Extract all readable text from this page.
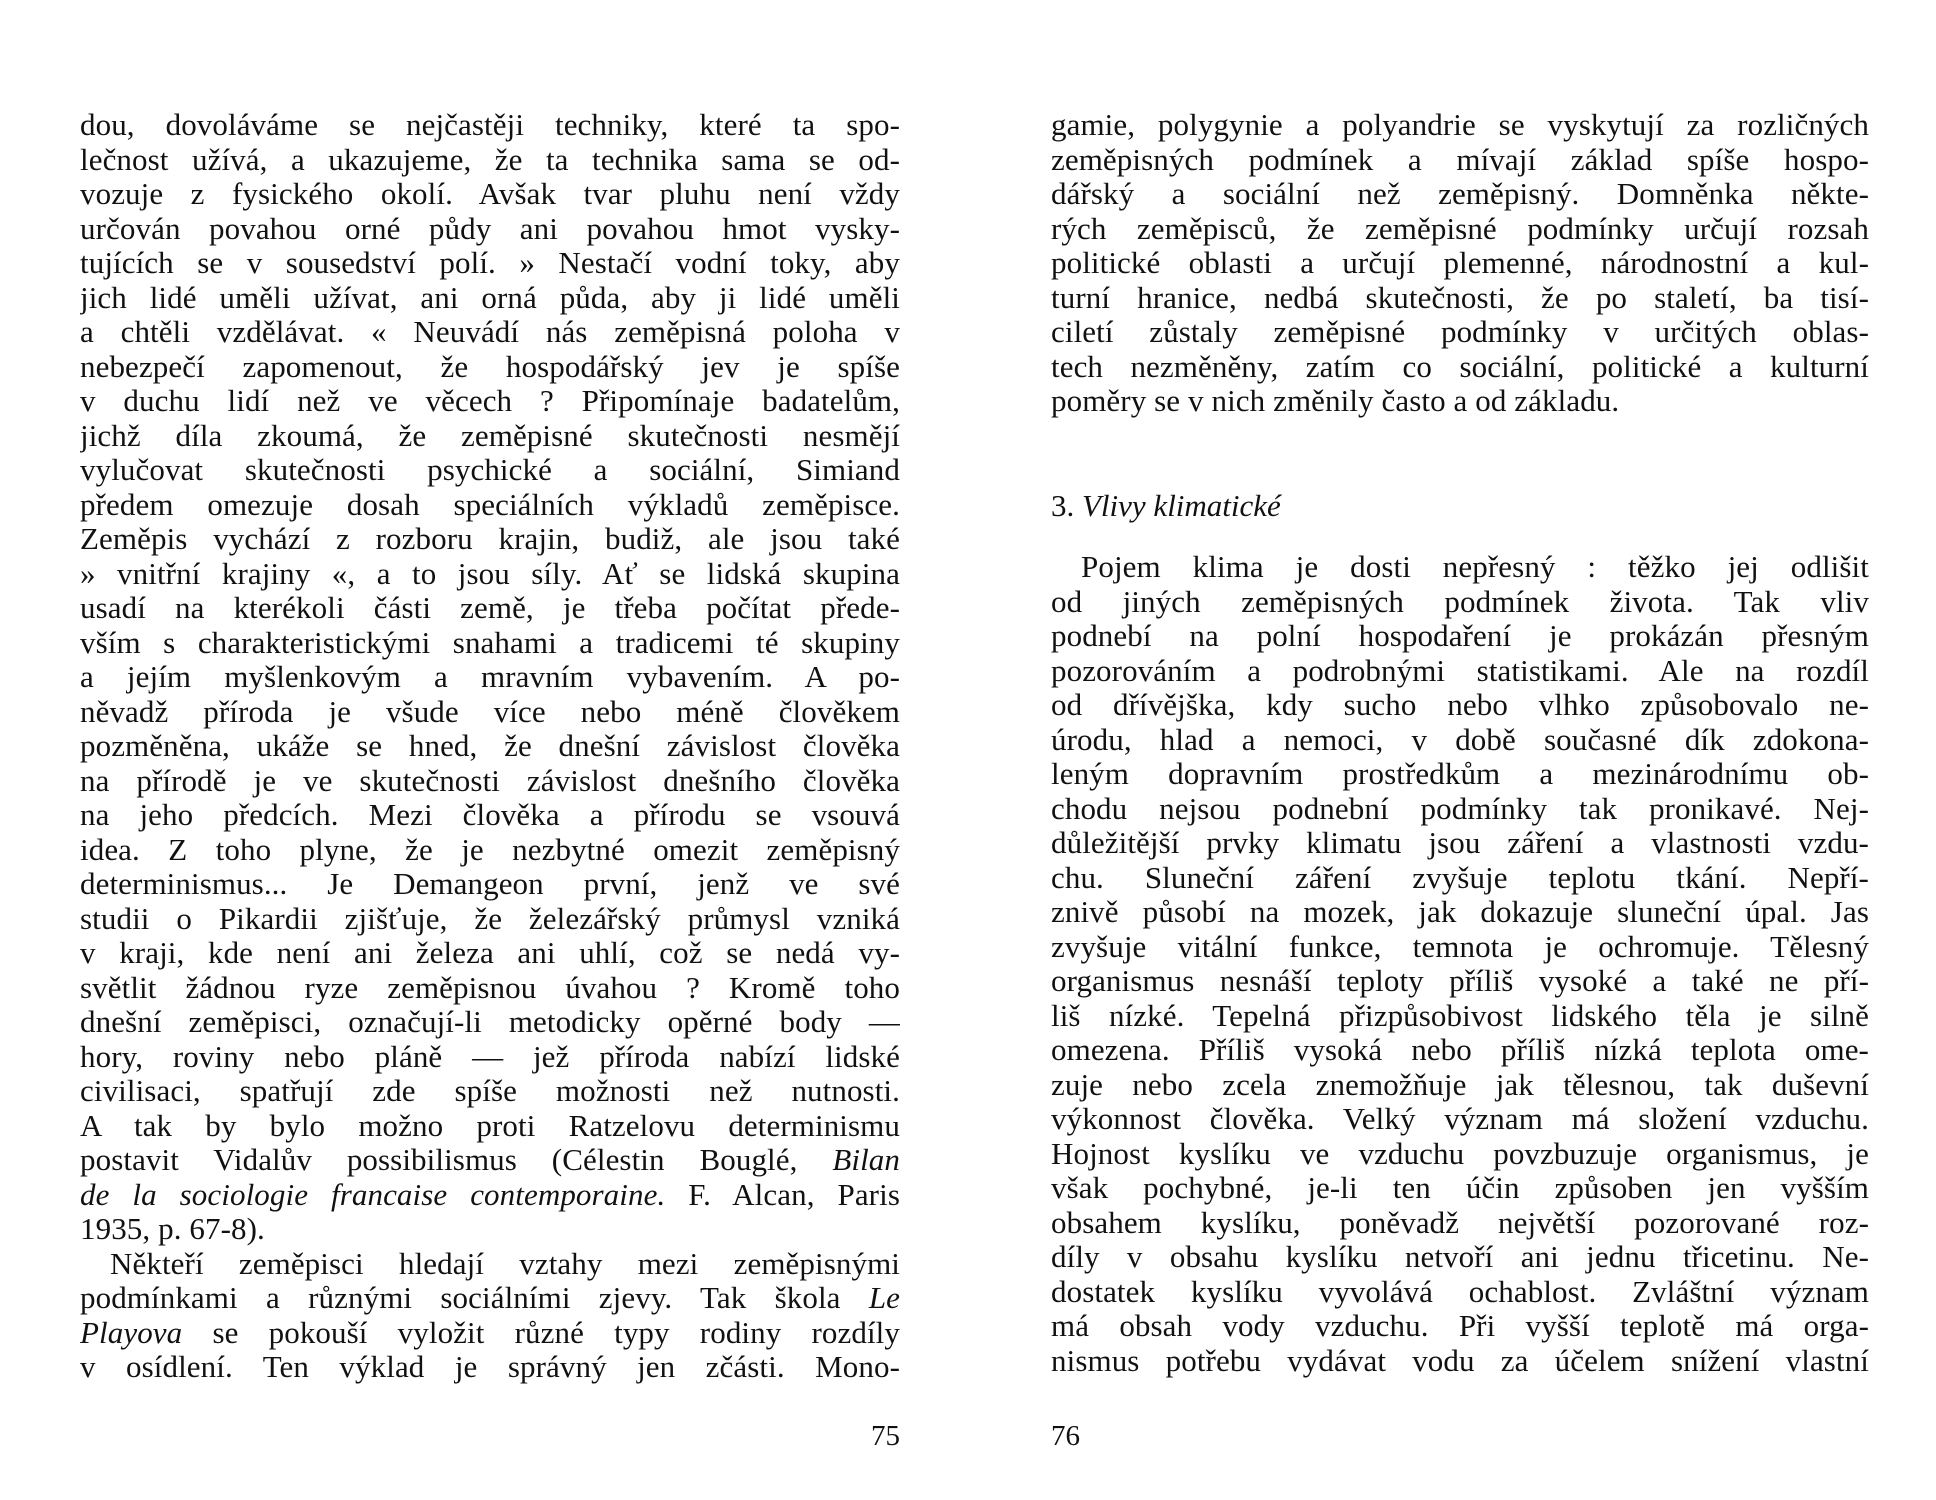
dou, dovoláváme se nejčastěji techniky, které ta spo-
lečnost užívá, a ukazujeme, že ta technika sama se od-
vozuje z fysického okolí. Avšak tvar pluhu není vždy
určován povahou orné půdy ani povahou hmot vysky-
tujících se v sousedství polí. » Nestačí vodní toky, aby
jich lidé uměli užívat, ani orná půda, aby ji lidé uměli
a chtěli vzdělávat. « Neuvádí nás zeměpisná poloha v
nebezpečí zapomenout, že hospodářský jev je spíše
v duchu lidí než ve věcech ? Připomínaje badatelům,
jichž díla zkoumá, že zeměpisné skutečnosti nesmějí
vylučovat skutečnosti psychické a sociální, Simiand
předem omezuje dosah speciálních výkladů zeměpisce.
Zeměpis vychází z rozboru krajin, budiž, ale jsou také
» vnitřní krajiny «, a to jsou síly. Ať se lidská skupina
usadí na kterékoli části země, je třeba počítat přede-
vším s charakteristickými snahami a tradicemi té skupiny
a jejím myšlenkovým a mravním vybavením. A po-
něvadž příroda je všude více nebo méně člověkem
pozměněna, ukáže se hned, že dnešní závislost člověka
na přírodě je ve skutečnosti závislost dnešního člověka
na jeho předcích. Mezi člověka a přírodu se vsouvá
idea. Z toho plyne, že je nezbytné omezit zeměpisný
determinismus... Je Demangeon první, jenž ve své
studii o Pikardii zjišťuje, že železářský průmysl vzniká
v kraji, kde není ani železa ani uhlí, což se nedá vy-
světlit žádnou ryze zeměpisnou úvahou ? Kromě toho
dnešní zeměpisci, označují-li metodicky opěrné body —
hory, roviny nebo pláně — jež příroda nabízí lidské
civilisaci, spatřují zde spíše možnosti než nutnosti.
A tak by bylo možno proti Ratzelovu determinismu
postavit Vidalův possibilismus (Célestin Bouglé, Bilan
de la sociologie francaise contemporaine. F. Alcan, Paris
1935, p. 67-8).
Někteří zeměpisci hledají vztahy mezi zeměpisnými
podmínkami a různými sociálními zjevy. Tak škola Le
Playova se pokouší vyložit různé typy rodiny rozdíly
v osídlení. Ten výklad je správný jen zčásti. Mono-
75
gamie, polygynie a polyandrie se vyskytují za rozličných
zeměpisných podmínek a mívají základ spíše hospo-
dářský a sociální než zeměpisný. Domněnka někte-
rých zeměpisců, že zeměpisné podmínky určují rozsah
politické oblasti a určují plemenné, národnostní a kul-
turní hranice, nedbá skutečnosti, že po staletí, ba tisí-
ciletí zůstaly zeměpisné podmínky v určitých oblas-
tech nezměněny, zatím co sociální, politické a kulturní
poměry se v nich změnily často a od základu.
3. Vlivy klimatické
Pojem klima je dosti nepřesný : těžko jej odlišit
od jiných zeměpisných podmínek života. Tak vliv
podnebí na polní hospodaření je prokázán přesným
pozorováním a podrobnými statistikami. Ale na rozdíl
od dřívějška, kdy sucho nebo vlhko způsobovalo ne-
úrodu, hlad a nemoci, v době současné dík zdokona-
leným dopravním prostředkům a mezinárodnímu ob-
chodu nejsou podnební podmínky tak pronikavé. Nej-
důležitější prvky klimatu jsou záření a vlastnosti vzdu-
chu. Sluneční záření zvyšuje teplotu tkání. Nepří-
znivě působí na mozek, jak dokazuje sluneční úpal. Jas
zvyšuje vitální funkce, temnota je ochromuje. Tělesný
organismus nesnáší teploty příliš vysoké a také ne pří-
liš nízké. Tepelná přizpůsobivost lidského těla je silně
omezena. Příliš vysoká nebo příliš nízká teplota ome-
zuje nebo zcela znemožňuje jak tělesnou, tak duševní
výkonnost člověka. Velký význam má složení vzduchu.
Hojnost kyslíku ve vzduchu povzbuzuje organismus, je
však pochybné, je-li ten účin způsoben jen vyšším
obsahem kyslíku, poněvadž největší pozorované roz-
díly v obsahu kyslíku netvoří ani jednu třicetinu. Ne-
dostatek kyslíku vyvolává ochablost. Zvláštní význam
má obsah vody vzduchu. Při vyšší teplotě má orga-
nismus potřebu vydávat vodu za účelem snížení vlastní
76
